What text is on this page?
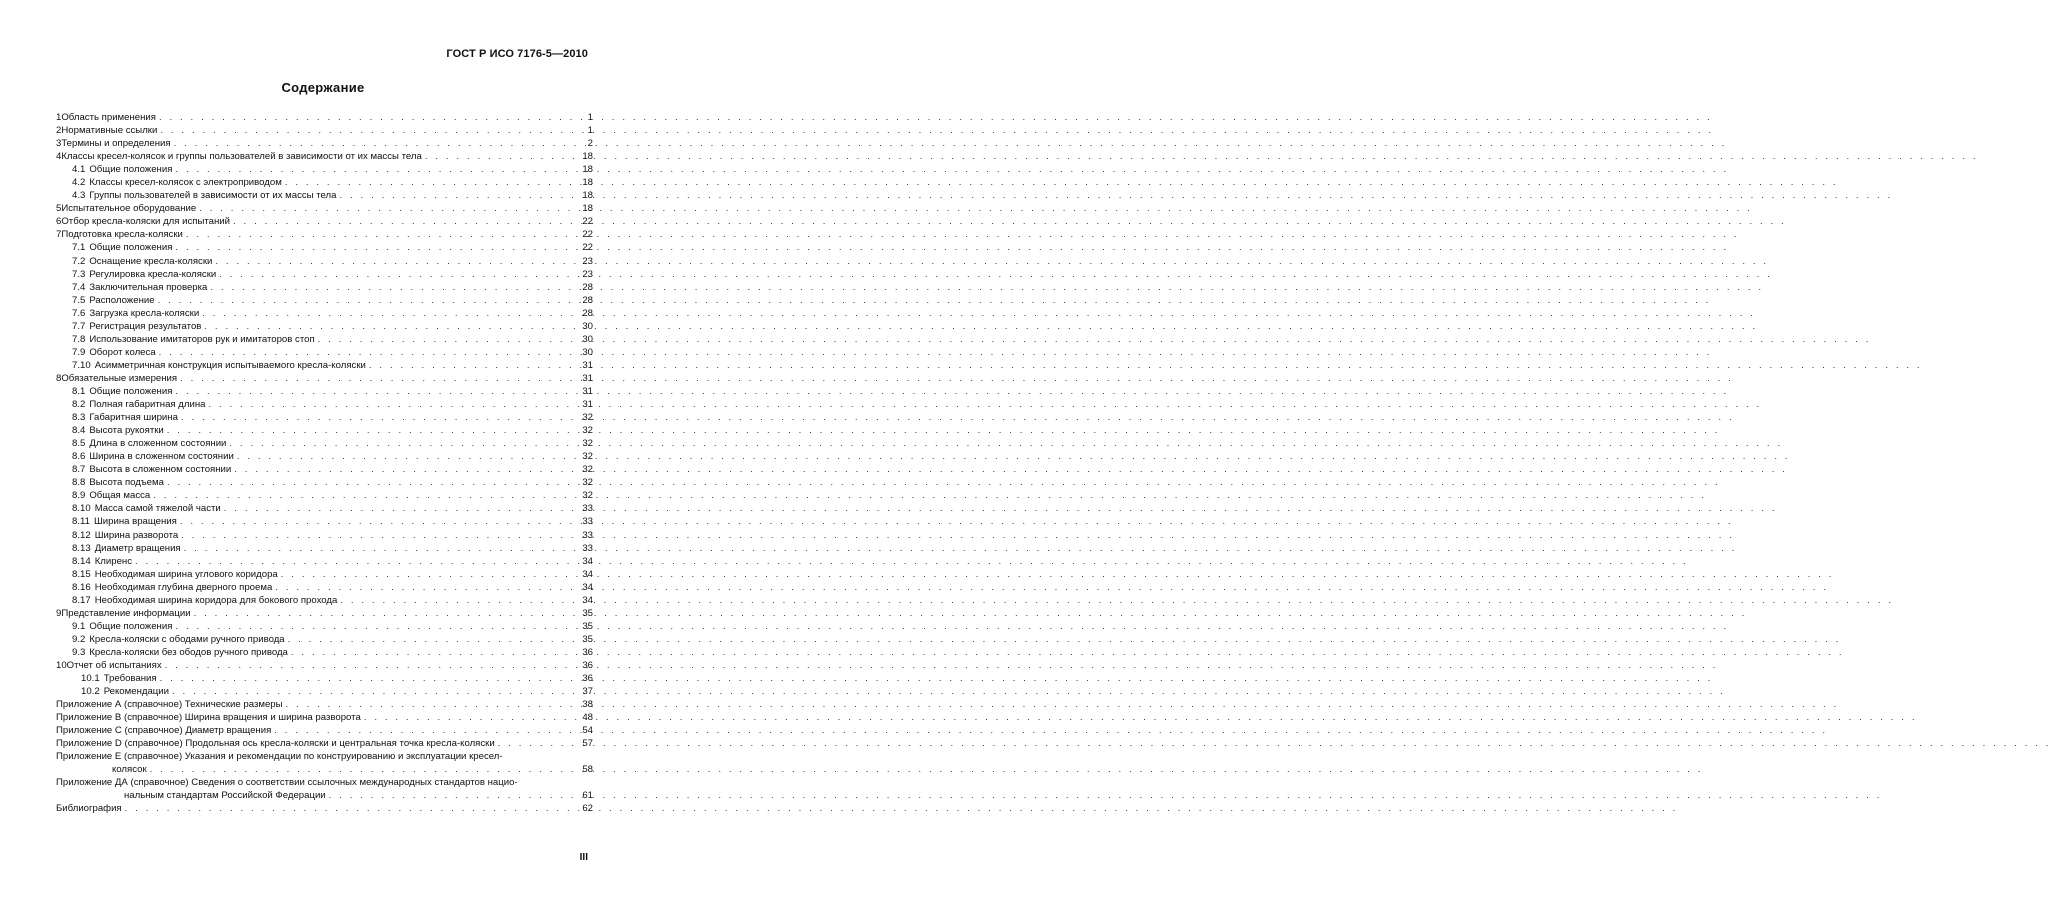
ГОСТ Р ИСО 7176-5—2010
Содержание
1 Область применения . . .	1
2 Нормативные ссылки . . .	1
3 Термины и определения . . .	2
4 Классы кресел-колясок и группы пользователей в зависимости от их массы тела . . .	18
4.1 Общие положения . . .	18
4.2 Классы кресел-колясок с электроприводом . . .	18
4.3 Группы пользователей в зависимости от их массы тела . . .	18
5 Испытательное оборудование . . .	18
6 Отбор кресла-коляски для испытаний . . .	22
7 Подготовка кресла-коляски . . .	22
7.1 Общие положения . . .	22
7.2 Оснащение кресла-коляски . . .	23
7.3 Регулировка кресла-коляски . . .	23
7.4 Заключительная проверка . . .	28
7.5 Расположение . . .	28
7.6 Загрузка кресла-коляски . . .	28
7.7 Регистрация результатов . . .	30
7.8 Использование имитаторов рук и имитаторов стоп . . .	30
7.9 Оборот колеса . . .	30
7.10 Асимметричная конструкция испытываемого кресла-коляски . . .	31
8 Обязательные измерения . . .	31
8.1 Общие положения . . .	31
8.2 Полная габаритная длина . . .	31
8.3 Габаритная ширина . . .	32
8.4 Высота рукоятки . . .	32
8.5 Длина в сложенном состоянии . . .	32
8.6 Ширина в сложенном состоянии . . .	32
8.7 Высота в сложенном состоянии . . .	32
8.8 Высота подъема . . .	32
8.9 Общая масса . . .	32
8.10 Масса самой тяжелой части . . .	33
8.11 Ширина вращения . . .	33
8.12 Ширина разворота . . .	33
8.13 Диаметр вращения . . .	33
8.14 Клиренс . . .	34
8.15 Необходимая ширина углового коридора . . .	34
8.16 Необходимая глубина дверного проема . . .	34
8.17 Необходимая ширина коридора для бокового прохода . . .	34
9 Представление информации . . .	35
9.1 Общие положения . . .	35
9.2 Кресла-коляски с ободами ручного привода . . .	35
9.3 Кресла-коляски без ободов ручного привода . . .	36
10 Отчет об испытаниях . . .	36
10.1 Требования . . .	36
10.2 Рекомендации . . .	37
Приложение А (справочное) Технические размеры . . .	38
Приложение В (справочное) Ширина вращения и ширина разворота . . .	48
Приложение С (справочное) Диаметр вращения . . .	54
Приложение D (справочное) Продольная ось кресла-коляски и центральная точка кресла-коляски . . .	57
Приложение Е (справочное) Указания и рекомендации по конструированию и эксплуатации кресел-
колясок . . .	58
Приложение ДА (справочное) Сведения о соответствии ссылочных международных стандартов нацио-
нальным стандартам Российской Федерации . . .	61
Библиография . . .	62
III
